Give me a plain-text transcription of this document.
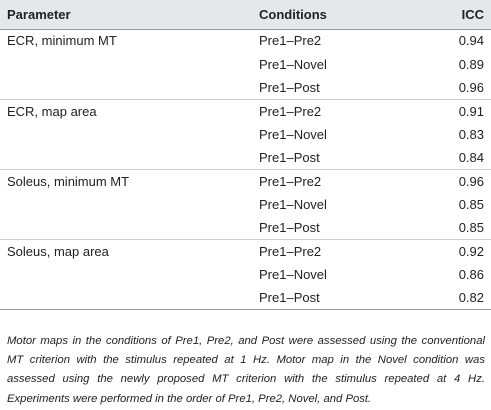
Parameter	Conditions	ICC
ECR, minimum MT	Pre1–Pre2	0.94
	Pre1–Novel	0.89
	Pre1–Post	0.96
ECR, map area	Pre1–Pre2	0.91
	Pre1–Novel	0.83
	Pre1–Post	0.84
Soleus, minimum MT	Pre1–Pre2	0.96
	Pre1–Novel	0.85
	Pre1–Post	0.85
Soleus, map area	Pre1–Pre2	0.92
	Pre1–Novel	0.86
	Pre1–Post	0.82
Motor maps in the conditions of Pre1, Pre2, and Post were assessed using the conventional MT criterion with the stimulus repeated at 1 Hz. Motor map in the Novel condition was assessed using the newly proposed MT criterion with the stimulus repeated at 4 Hz. Experiments were performed in the order of Pre1, Pre2, Novel, and Post.
